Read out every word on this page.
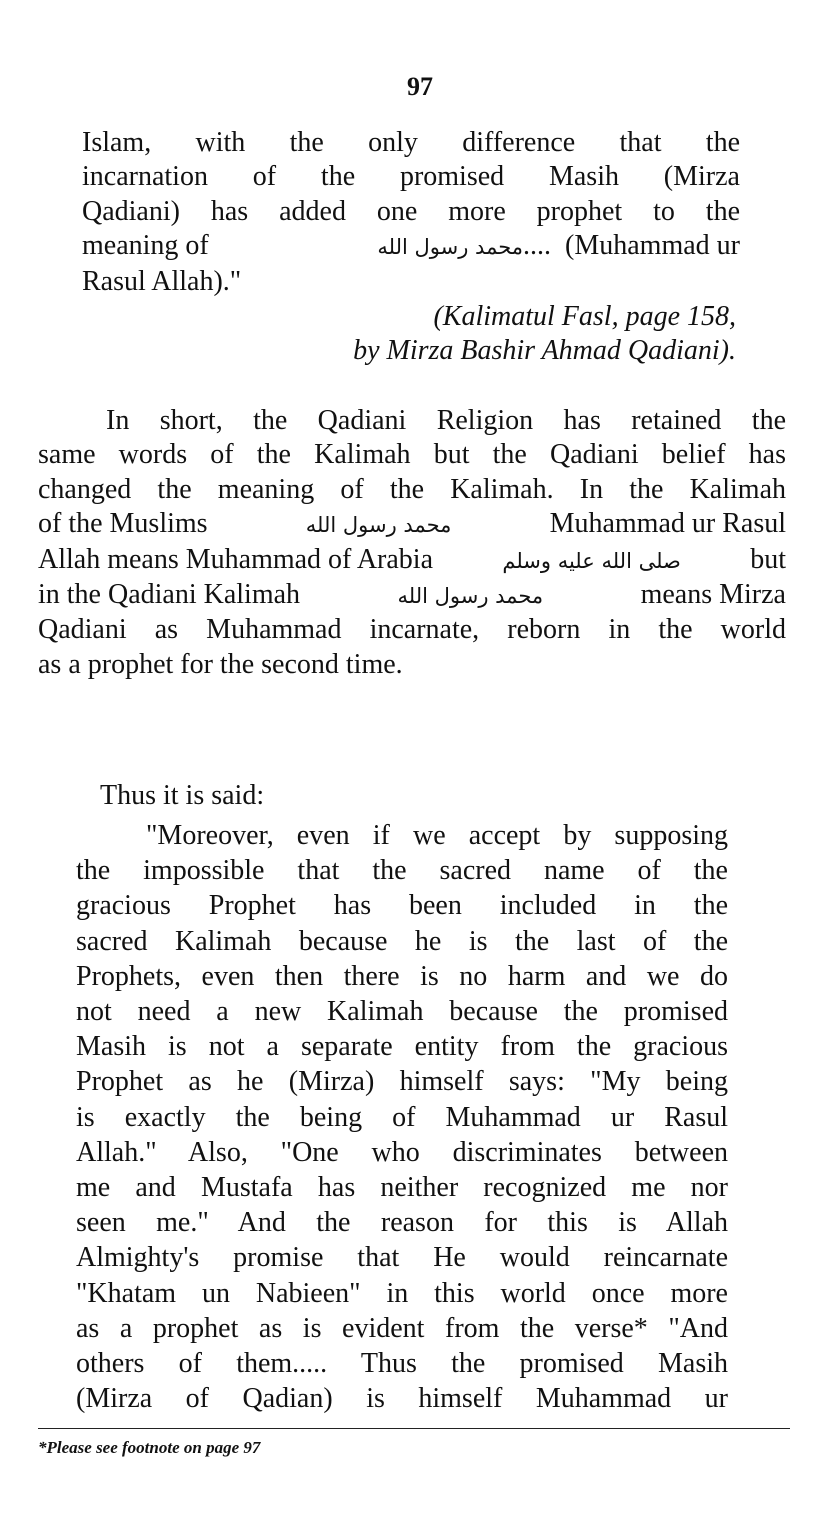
97
Islam, with the only difference that the
incarnation of the promised Masih (Mirza
Qadiani) has added one more prophet to the
meaning of	محمد رسول الله ....  (Muhammad ur
Rasul Allah)."
(Kalimatul Fasl, page 158,
by Mirza Bashir Ahmad Qadiani).
In short, the Qadiani Religion has retained the
same words of the Kalimah but the Qadiani belief has
changed the meaning of the Kalimah. In the Kalimah
of the Muslims	محمد رسول الله	Muhammad ur Rasul
Allah means Muhammad of Arabia	صلى الله عليه وسلم but
in the Qadiani Kalimah	محمد رسول الله	means Mirza
Qadiani as Muhammad incarnate, reborn in the world
as a prophet for the second time.
Thus it is said:
"Moreover, even if we accept by supposing
the impossible that the sacred name of the
gracious Prophet has been included in the
sacred Kalimah because he is the last of the
Prophets, even then there is no harm and we do
not need a new Kalimah because the promised
Masih is not a separate entity from the gracious
Prophet as he (Mirza) himself says: "My being
is exactly the being of Muhammad ur Rasul
Allah." Also, "One who discriminates between
me and Mustafa has neither recognized me nor
seen me." And the reason for this is Allah
Almighty's promise that He would reincarnate
"Khatam un Nabieen" in this world once more
as a prophet as is evident from the verse* "And
others of them..... Thus the promised Masih
(Mirza of Qadian) is himself Muhammad ur
*Please see footnote on page 97
